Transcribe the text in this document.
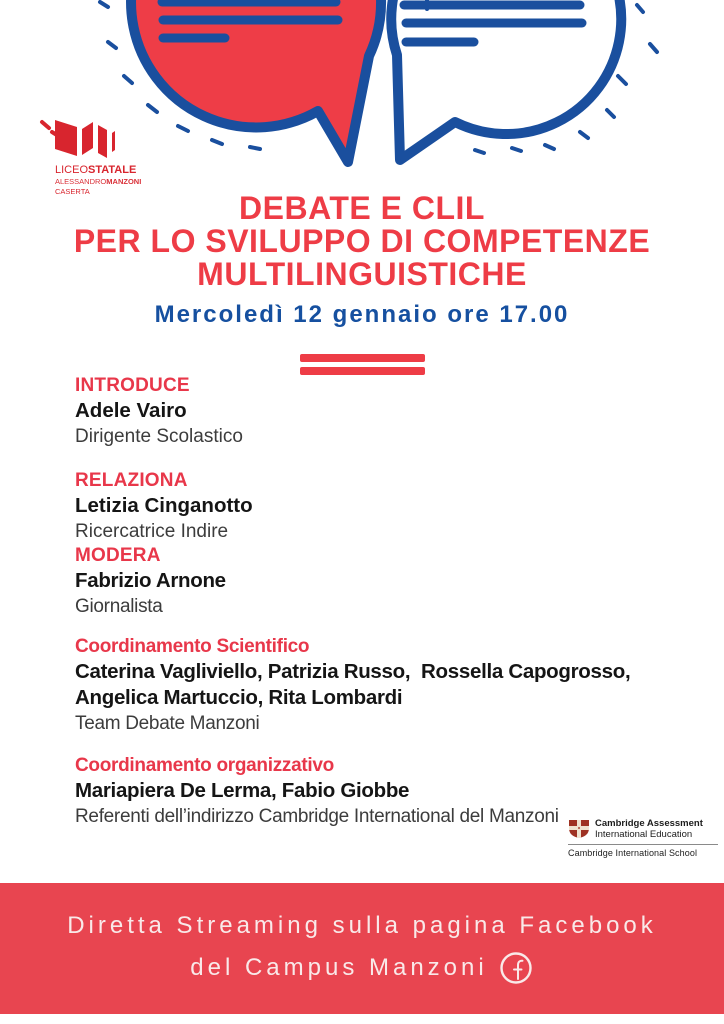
LICEOSTATALE
ALESSANDROMANZONI
CASERTA	DEBATE E CLIL
PER LO SVILUPPO DI COMPETENZE
MULTILINGUISTICHE
Mercoledì 12 gennaio ore 17.00
INTRODUCE
Adele Vairo
Dirigente Scolastico
RELAZIONA
Letizia Cinganotto
Ricercatrice Indire
MODERA
Fabrizio Arnone
Giornalista
Coordinamento Scientifico
Caterina Vagliviello, Patrizia Russo,  Rossella Capogrosso,
Angelica Martuccio, Rita Lombardi
Team Debate Manzoni
Coordinamento organizzativo
Mariapiera De Lerma, Fabio Giobbe
Referenti dell’indirizzo Cambridge International del Manzoni	Cambridge Assessment
International Education
Cambridge International School
Diretta Streaming sulla pagina Facebook
del Campus Manzoni
